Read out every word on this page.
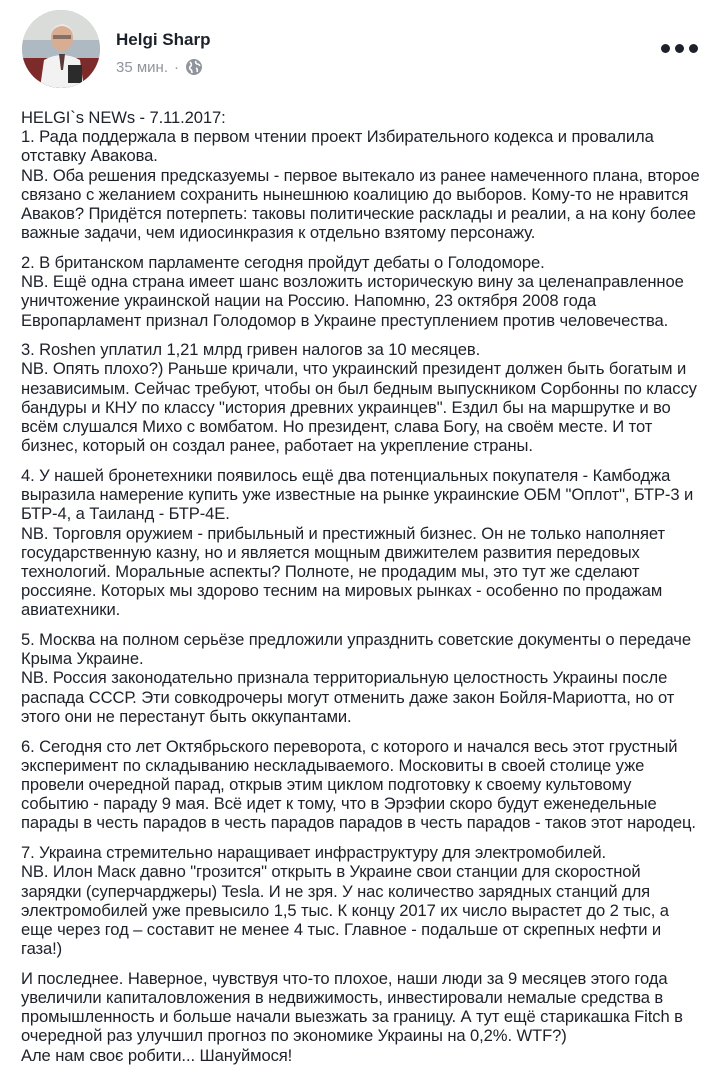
Helgi Sharp
35 мин. ·

HELGI`s NEWs - 7.11.2017:
1. Рада поддержала в первом чтении проект Избирательного кодекса и провалила отставку Авакова.
NB. Оба решения предсказуемы - первое вытекало из ранее намеченного плана, второе связано с желанием сохранить нынешнюю коалицию до выборов. Кому-то не нравится Аваков? Придётся потерпеть: таковы политические расклады и реалии, а на кону более важные задачи, чем идиосинкразия к отдельно взятому персонажу.

2. В британском парламенте сегодня пройдут дебаты о Голодоморе.
NB. Ещё одна страна имеет шанс возложить историческую вину за целенаправленное уничтожение украинской нации на Россию. Напомню, 23 октября 2008 года Европарламент признал Голодомор в Украине преступлением против человечества.

3. Roshen уплатил 1,21 млрд гривен налогов за 10 месяцев.
NB. Опять плохо?) Раньше кричали, что украинский президент должен быть богатым и независимым. Сейчас требуют, чтобы он был бедным выпускником Сорбонны по классу бандуры и КНУ по классу "история древних украинцев". Ездил бы на маршрутке и во всём слушался Михо с вомбатом. Но президент, слава Богу, на своём месте. И тот бизнес, который он создал ранее, работает на укрепление страны.

4. У нашей бронетехники появилось ещё два потенциальных покупателя - Камбоджа выразила намерение купить уже известные на рынке украинские ОБМ "Оплот", БТР-3 и БТР-4, а Таиланд - БТР-4Е.
NB. Торговля оружием - прибыльный и престижный бизнес. Он не только наполняет государственную казну, но и является мощным движителем развития передовых технологий. Моральные аспекты? Полноте, не продадим мы, это тут же сделают россияне. Которых мы здорово тесним на мировых рынках - особенно по продажам авиатехники.

5. Москва на полном серьёзе предложили упразднить советские документы о передаче Крыма Украине.
NB. Россия законодательно признала территориальную целостность Украины после распада СССР. Эти совкодрочеры могут отменить даже закон Бойля-Мариотта, но от этого они не перестанут быть оккупантами.

6. Сегодня сто лет Октябрьского переворота, с которого и начался весь этот грустный эксперимент по складыванию нескладываемого. Московиты в своей столице уже провели очередной парад, открыв этим циклом подготовку к своему культовому событию - параду 9 мая. Всё идет к тому, что в Эрэфии скоро будут еженедельные парады в честь парадов в честь парадов парадов в честь парадов - таков этот народец.

7. Украина стремительно наращивает инфраструктуру для электромобилей.
NB. Илон Маск давно "грозится" открыть в Украине свои станции для скоростной зарядки (суперчарджеры) Tesla. И не зря. У нас количество зарядных станций для электромобилей уже превысило 1,5 тыс. К концу 2017 их число вырастет до 2 тыс, а еще через год – составит не менее 4 тыс. Главное - подальше от скрепных нефти и газа!)

И последнее. Наверное, чувствуя что-то плохое, наши люди за 9 месяцев этого года увеличили капиталовложения в недвижимость, инвестировали немалые средства в промышленность и больше начали выезжать за границу. А тут ещё старикашка Fitch в очередной раз улучшил прогноз по экономике Украины на 0,2%. WTF?)
Але нам своє робити... Шануймося!
